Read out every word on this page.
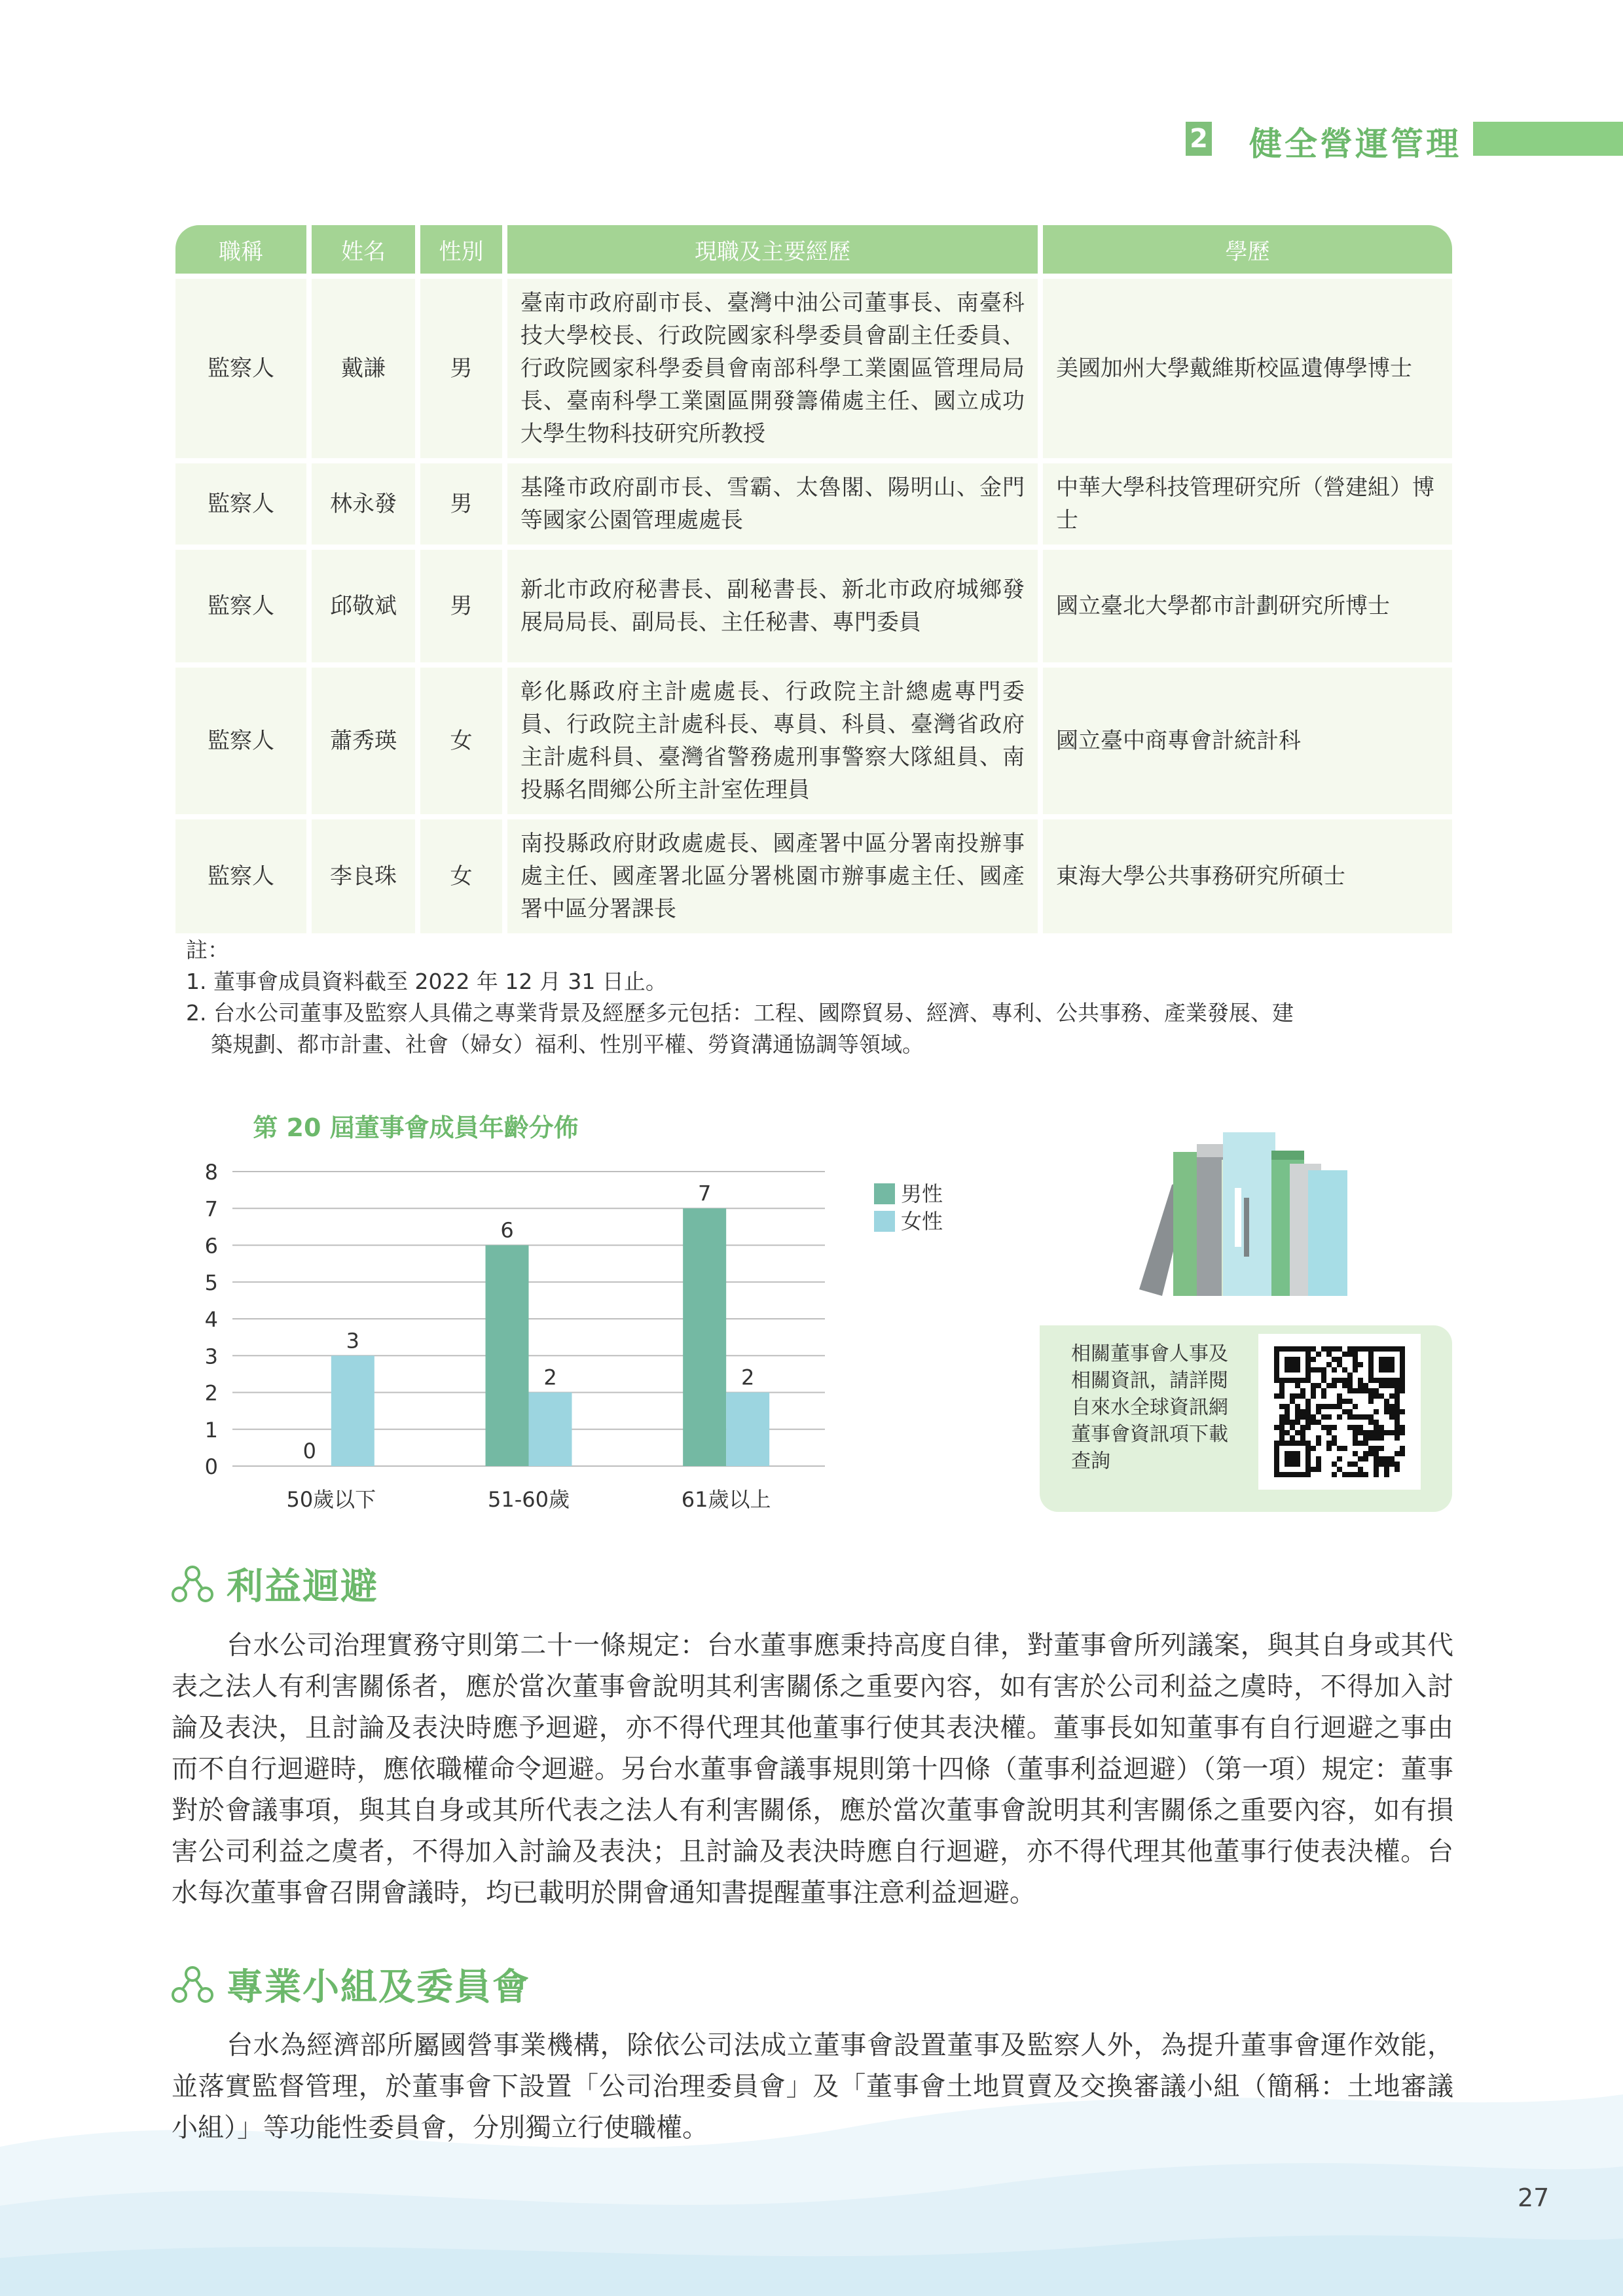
2 健全營運管理
職稱	姓名	性別	現職及主要經歷	學歷
監察人	戴謙	男	臺南市政府副市長、臺灣中油公司董事長、南臺科技大學校長、行政院國家科學委員會副主任委員、行政院國家科學委員會南部科學工業園區管理局局長、臺南科學工業園區開發籌備處主任、國立成功大學生物科技研究所教授	美國加州大學戴維斯校區遺傳學博士
監察人	林永發	男	基隆市政府副市長、雪霸、太魯閣、陽明山、金門等國家公園管理處處長	中華大學科技管理研究所（營建組）博士
監察人	邱敬斌	男	新北市政府秘書長、副秘書長、新北市政府城鄉發展局局長、副局長、主任秘書、專門委員	國立臺北大學都市計劃研究所博士
監察人	蕭秀瑛	女	彰化縣政府主計處處長、行政院主計總處專門委員、行政院主計處科長、專員、科員、臺灣省政府主計處科員、臺灣省警務處刑事警察大隊組員、南投縣名間鄉公所主計室佐理員	國立臺中商專會計統計科
監察人	李良珠	女	南投縣政府財政處處長、國產署中區分署南投辦事處主任、國產署北區分署桃園市辦事處主任、國產署中區分署課長	東海大學公共事務研究所碩士
註：
1. 董事會成員資料截至 2022 年 12 月 31 日止。
2. 台水公司董事及監察人具備之專業背景及經歷多元包括：工程、國際貿易、經濟、專利、公共事務、產業發展、建
築規劃、都市計畫、社會（婦女）福利、性別平權、勞資溝通協調等領域。
第 20 屆董事會成員年齡分佈
0
1
2
3
4
5
6
7
8
0
3
6
2
7
2
50歲以下	51-60歲	61歲以上
男性
女性
相關董事會人事及相關資訊，請詳閱自來水全球資訊網董事會資訊項下載查詢
利益迴避
台水公司治理實務守則第二十一條規定：台水董事應秉持高度自律，對董事會所列議案，與其自身或其代表之法人有利害關係者，應於當次董事會說明其利害關係之重要內容，如有害於公司利益之虞時，不得加入討論及表決，且討論及表決時應予迴避，亦不得代理其他董事行使其表決權。董事長如知董事有自行迴避之事由而不自行迴避時，應依職權命令迴避。另台水董事會議事規則第十四條（董事利益迴避）（第一項）規定：董事對於會議事項，與其自身或其所代表之法人有利害關係，應於當次董事會說明其利害關係之重要內容，如有損害公司利益之虞者，不得加入討論及表決；且討論及表決時應自行迴避，亦不得代理其他董事行使表決權。台水每次董事會召開會議時，均已載明於開會通知書提醒董事注意利益迴避。
專業小組及委員會
台水為經濟部所屬國營事業機構，除依公司法成立董事會設置董事及監察人外，為提升董事會運作效能，並落實監督管理，於董事會下設置「公司治理委員會」及「董事會土地買賣及交換審議小組（簡稱：土地審議小組）」等功能性委員會，分別獨立行使職權。
27
